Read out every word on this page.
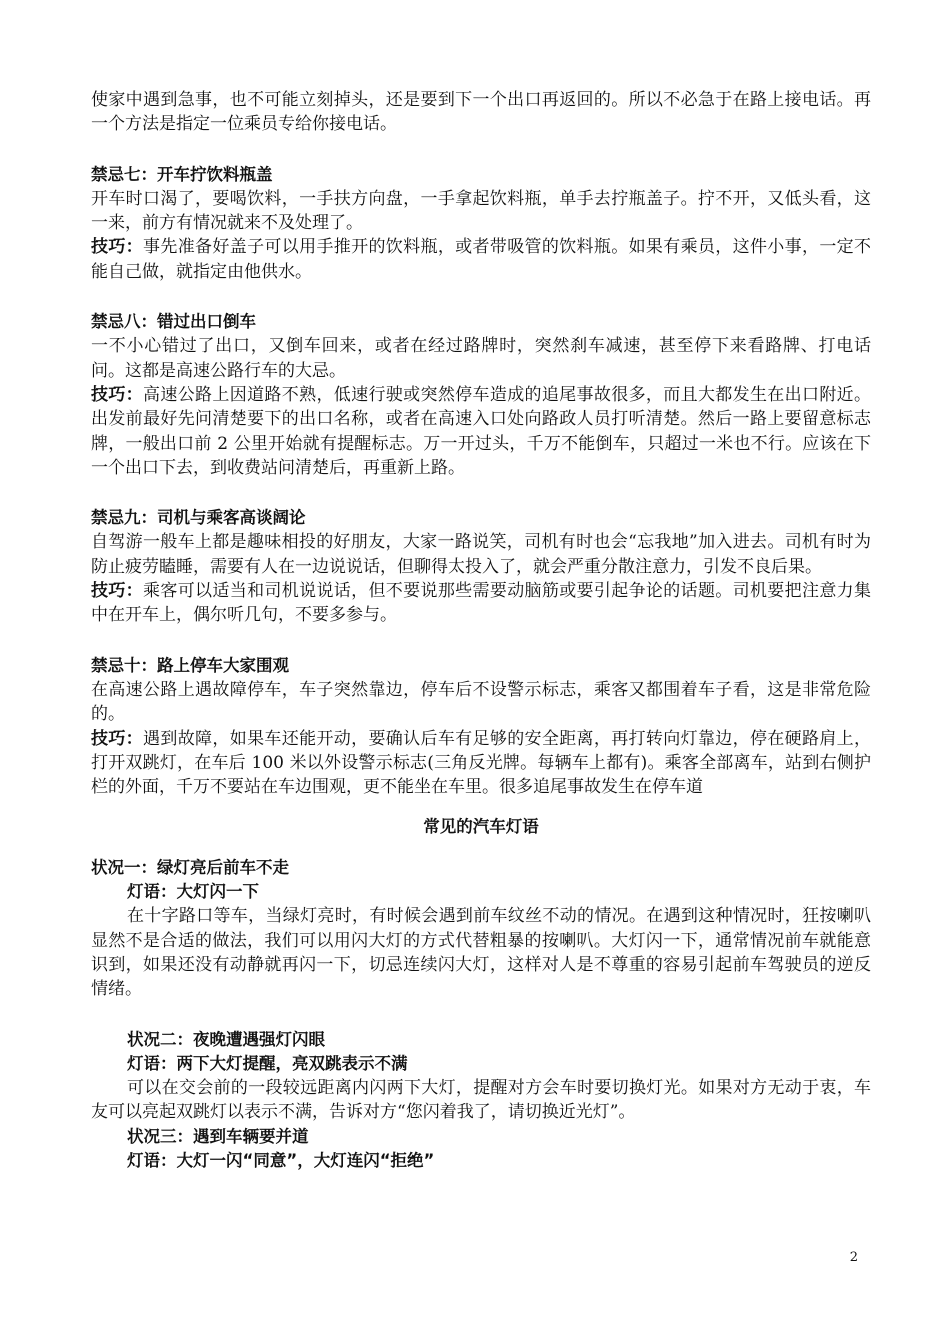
使家中遇到急事，也不可能立刻掉头，还是要到下一个出口再返回的。所以不必急于在路上接电话。再一个方法是指定一位乘员专给你接电话。

禁忌七：开车拧饮料瓶盖

开车时口渴了，要喝饮料，一手扶方向盘，一手拿起饮料瓶，单手去拧瓶盖子。拧不开，又低头看，这一来，前方有情况就来不及处理了。

技巧：事先准备好盖子可以用手推开的饮料瓶，或者带吸管的饮料瓶。如果有乘员，这件小事，一定不能自己做，就指定由他供水。

禁忌八：错过出口倒车

一不小心错过了出口，又倒车回来，或者在经过路牌时，突然刹车减速，甚至停下来看路牌、打电话问。这都是高速公路行车的大忌。

技巧：高速公路上因道路不熟，低速行驶或突然停车造成的追尾事故很多，而且大都发生在出口附近。出发前最好先问清楚要下的出口名称，或者在高速入口处向路政人员打听清楚。然后一路上要留意标志牌，一般出口前 2 公里开始就有提醒标志。万一开过头，千万不能倒车，只超过一米也不行。应该在下一个出口下去，到收费站问清楚后，再重新上路。

禁忌九：司机与乘客高谈阔论

自驾游一般车上都是趣味相投的好朋友，大家一路说笑，司机有时也会“忘我地”加入进去。司机有时为防止疲劳瞌睡，需要有人在一边说说话，但聊得太投入了，就会严重分散注意力，引发不良后果。

技巧：乘客可以适当和司机说说话，但不要说那些需要动脑筋或要引起争论的话题。司机要把注意力集中在开车上，偶尔听几句，不要多参与。

禁忌十：路上停车大家围观

在高速公路上遇故障停车，车子突然靠边，停车后不设警示标志，乘客又都围着车子看，这是非常危险的。

技巧：遇到故障，如果车还能开动，要确认后车有足够的安全距离，再打转向灯靠边，停在硬路肩上，打开双跳灯，在车后 100 米以外设警示标志(三角反光牌。每辆车上都有)。乘客全部离车，站到右侧护栏的外面，千万不要站在车边围观，更不能坐在车里。很多追尾事故发生在停车道

常见的汽车灯语

状况一：绿灯亮后前车不走

灯语：大灯闪一下

在十字路口等车，当绿灯亮时，有时候会遇到前车纹丝不动的情况。在遇到这种情况时，狂按喇叭显然不是合适的做法，我们可以用闪大灯的方式代替粗暴的按喇叭。大灯闪一下，通常情况前车就能意识到，如果还没有动静就再闪一下，切忌连续闪大灯，这样对人是不尊重的容易引起前车驾驶员的逆反情绪。

状况二：夜晚遭遇强灯闪眼

灯语：两下大灯提醒，亮双跳表示不满

可以在交会前的一段较远距离内闪两下大灯，提醒对方会车时要切换灯光。如果对方无动于衷，车友可以亮起双跳灯以表示不满，告诉对方“您闪着我了，请切换近光灯”。

状况三：遇到车辆要并道

灯语：大灯一闪“同意”，大灯连闪“拒绝”

2
